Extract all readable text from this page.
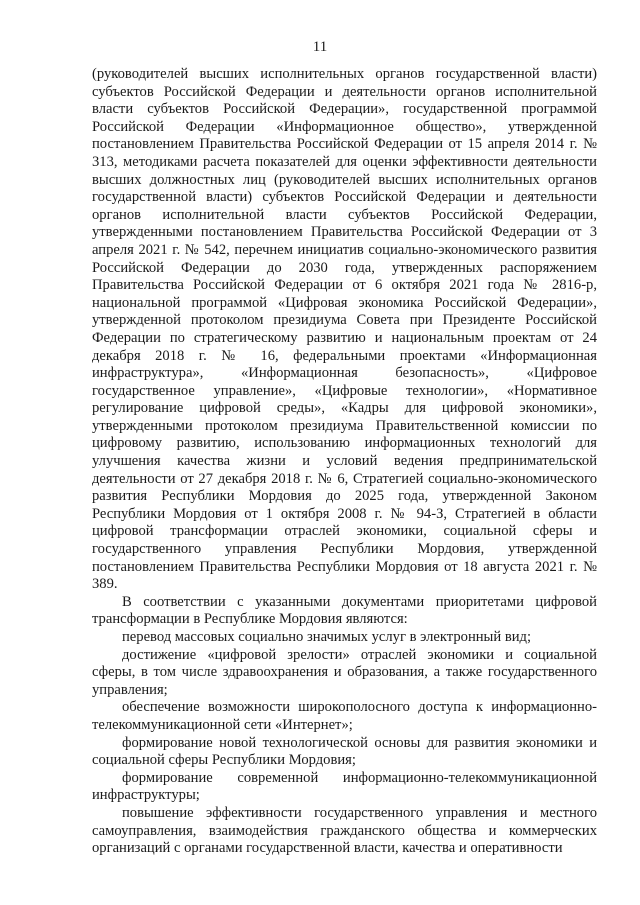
11

(руководителей высших исполнительных органов государственной власти) субъектов Российской Федерации и деятельности органов исполнительной власти субъектов Российской Федерации», государственной программой Российской Федерации «Информационное общество», утвержденной постановлением Правительства Российской Федерации от 15 апреля 2014 г. № 313, методиками расчета показателей для оценки эффективности деятельности высших должностных лиц (руководителей высших исполнительных органов государственной власти) субъектов Российской Федерации и деятельности органов исполнительной власти субъектов Российской Федерации, утвержденными постановлением Правительства Российской Федерации от 3 апреля 2021 г. № 542, перечнем инициатив социально-экономического развития Российской Федерации до 2030 года, утвержденных распоряжением Правительства Российской Федерации от 6 октября 2021 года № 2816-р, национальной программой «Цифровая экономика Российской Федерации», утвержденной протоколом президиума Совета при Президенте Российской Федерации по стратегическому развитию и национальным проектам от 24 декабря 2018 г. № 16, федеральными проектами «Информационная инфраструктура», «Информационная безопасность», «Цифровое государственное управление», «Цифровые технологии», «Нормативное регулирование цифровой среды», «Кадры для цифровой экономики», утвержденными протоколом президиума Правительственной комиссии по цифровому развитию, использованию информационных технологий для улучшения качества жизни и условий ведения предпринимательской деятельности от 27 декабря 2018 г. № 6, Стратегией социально-экономического развития Республики Мордовия до 2025 года, утвержденной Законом Республики Мордовия от 1 октября 2008 г. № 94-З, Стратегией в области цифровой трансформации отраслей экономики, социальной сферы и государственного управления Республики Мордовия, утвержденной постановлением Правительства Республики Мордовия от 18 августа 2021 г. № 389.

В соответствии с указанными документами приоритетами цифровой трансформации в Республике Мордовия являются:

перевод массовых социально значимых услуг в электронный вид;

достижение «цифровой зрелости» отраслей экономики и социальной сферы, в том числе здравоохранения и образования, а также государственного управления;

обеспечение возможности широкополосного доступа к информационно-телекоммуникационной сети «Интернет»;

формирование новой технологической основы для развития экономики и социальной сферы Республики Мордовия;

формирование современной информационно-телекоммуникационной инфраструктуры;

повышение эффективности государственного управления и местного самоуправления, взаимодействия гражданского общества и коммерческих организаций с органами государственной власти, качества и оперативности
